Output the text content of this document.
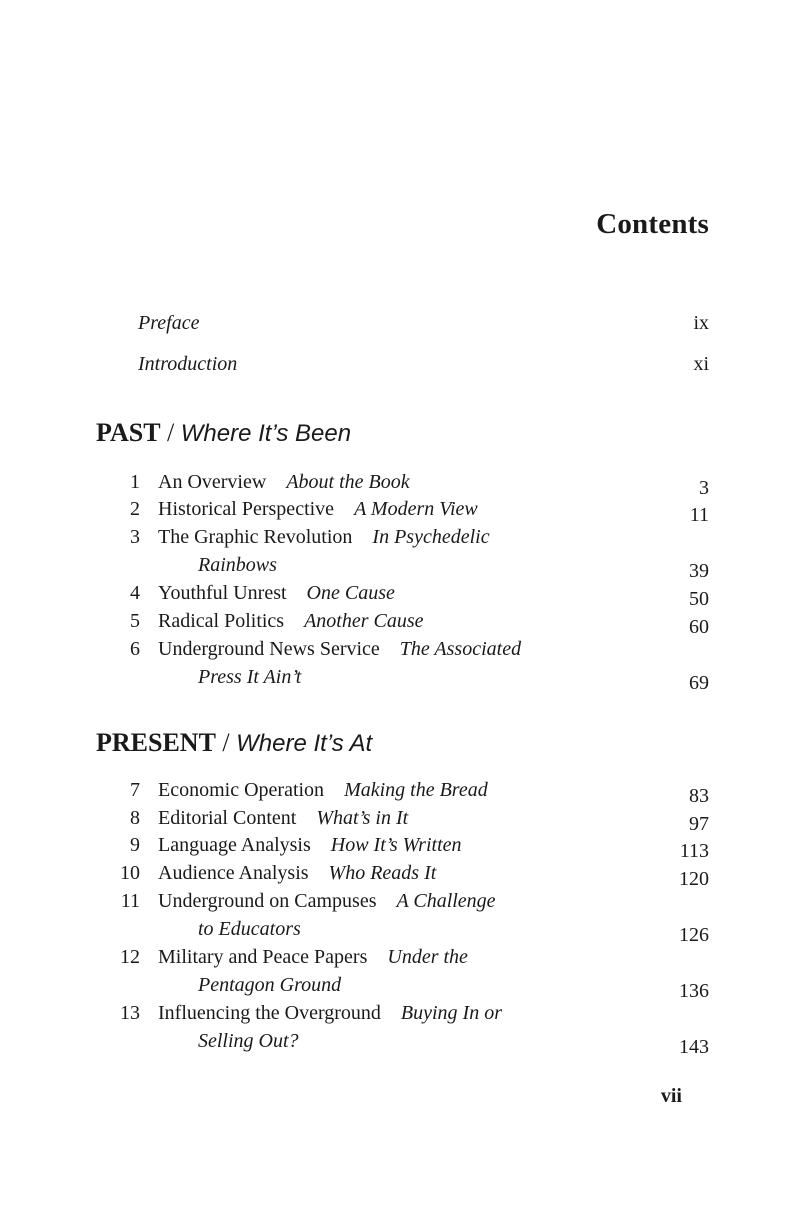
Contents
Preface	ix
Introduction	xi
PAST / Where It’s Been
1 An Overview About the Book	3
2 Historical Perspective A Modern View	11
3 The Graphic Revolution In Psychedelic
Rainbows	39
4 Youthful Unrest One Cause	50
5 Radical Politics Another Cause	60
6 Underground News Service The Associated
Press It Ain’t	69
PRESENT / Where It’s At
7 Economic Operation Making the Bread	83
8 Editorial Content What’s in It	97
9 Language Analysis How It’s Written	113
10 Audience Analysis Who Reads It	120
11 Underground on Campuses A Challenge
to Educators	126
12 Military and Peace Papers Under the
Pentagon Ground	136
13 Influencing the Overground Buying In or
Selling Out?	143
vii
